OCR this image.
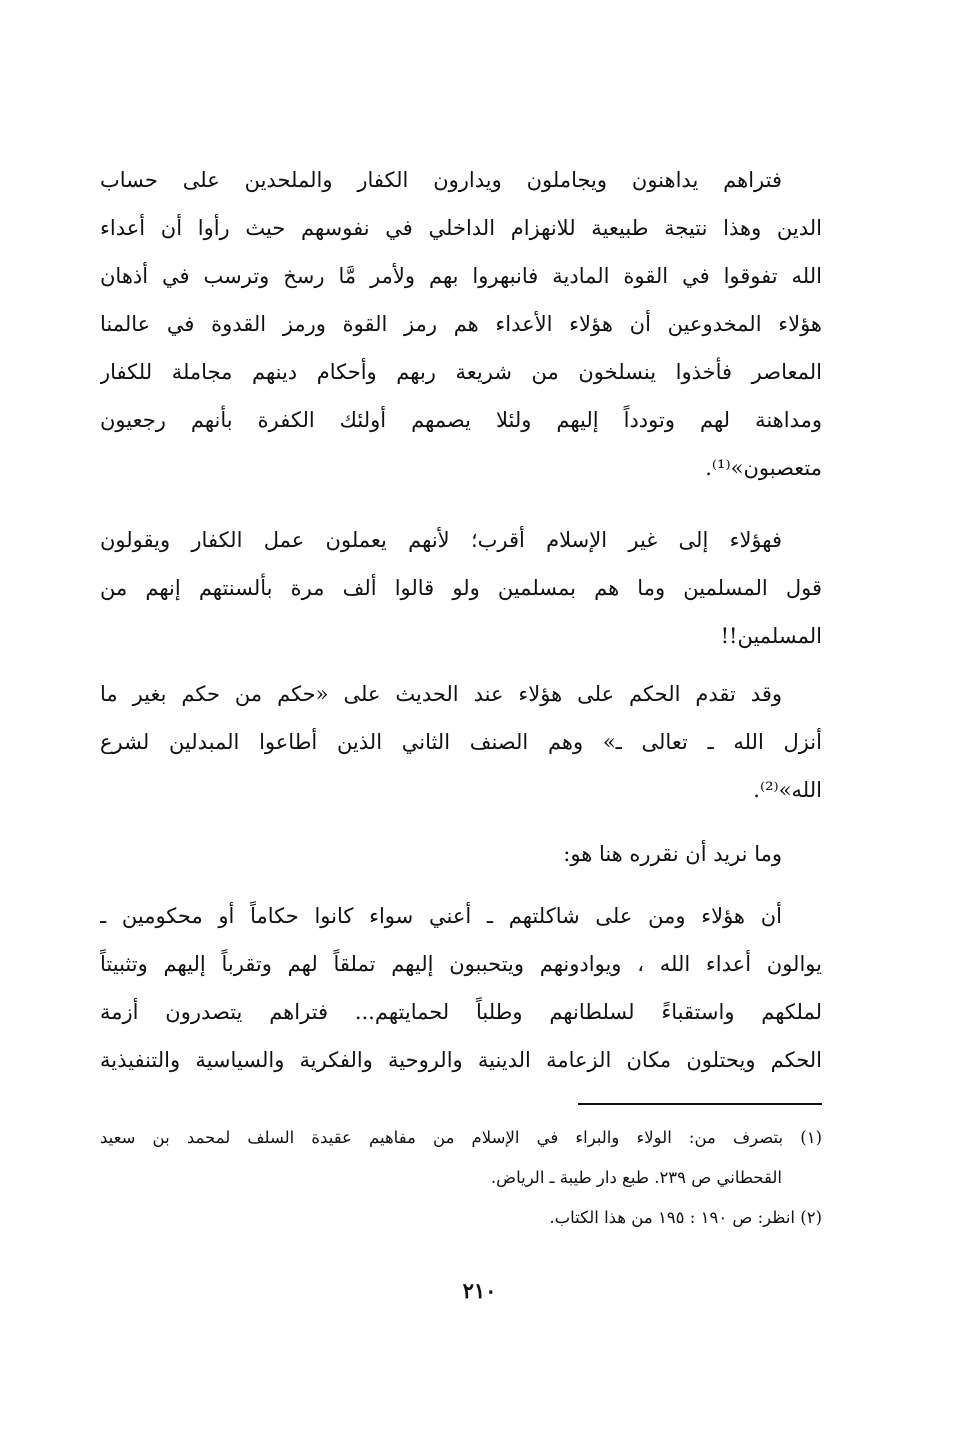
فتراهم يداهنون ويجاملون ويدارون الكفار والملحدين على حساب
الدين وهذا نتيجة طبيعية للانهزام الداخلي في نفوسهم حيث رأوا أن أعداء
الله تفوقوا في القوة المادية فانبهروا بهم ولأمر مَّا رسخ وترسب في أذهان
هؤلاء المخدوعين أن هؤلاء الأعداء هم رمز القوة ورمز القدوة في عالمنا
المعاصر فأخذوا ينسلخون من شريعة ربهم وأحكام دينهم مجاملة للكفار
ومداهنة لهم وتودداً إليهم ولئلا يصمهم أولئك الكفرة بأنهم رجعيون
متعصبون»⁽¹⁾.
فهؤلاء إلى غير الإسلام أقرب؛ لأنهم يعملون عمل الكفار ويقولون
قول المسلمين وما هم بمسلمين ولو قالوا ألف مرة بألسنتهم إنهم من
المسلمين!!
وقد تقدم الحكم على هؤلاء عند الحديث على «حكم من حكم بغير ما
أنزل الله ـ تعالى ـ» وهم الصنف الثاني الذين أطاعوا المبدلين لشرع
الله»⁽²⁾.
وما نريد أن نقرره هنا هو:
أن هؤلاء ومن على شاكلتهم ـ أعني سواء كانوا حكاماً أو محكومين ـ
يوالون أعداء الله ، ويوادونهم ويتحببون إليهم تملقاً لهم وتقرباً إليهم وتثبيتاً
لملكهم واستقباءً لسلطانهم وطلباً لحمايتهم... فتراهم يتصدرون أزمة
الحكم ويحتلون مكان الزعامة الدينية والروحية والفكرية والسياسية والتنفيذية
(١) بتصرف من: الولاء والبراء في الإسلام من مفاهيم عقيدة السلف لمحمد بن سعيد
القحطاني ص ٢٣٩. طبع دار طيبة ـ الرياض.
(٢) انظر: ص ١٩٠ : ١٩٥ من هذا الكتاب.
٢١٠
